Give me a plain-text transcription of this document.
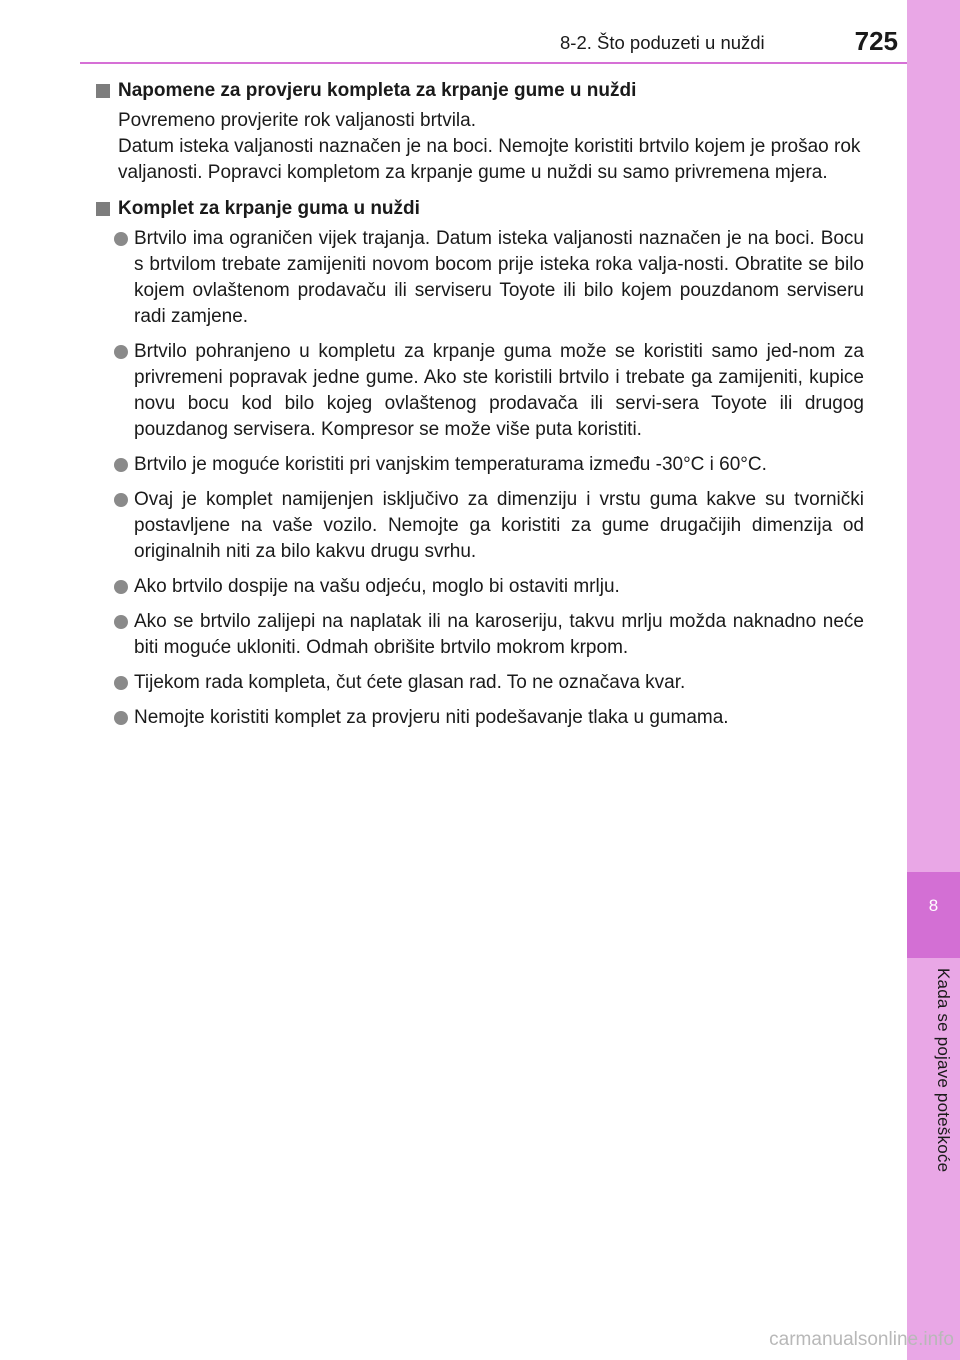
8
Kada se pojave poteškoće
8-2. Što poduzeti u nuždi	725
Napomene za provjeru kompleta za krpanje gume u nuždi

Povremeno provjerite rok valjanosti brtvila.

Datum isteka valjanosti naznačen je na boci. Nemojte koristiti brtvilo kojem je prošao rok valjanosti. Popravci kompletom za krpanje gume u nuždi su samo privremena mjera.

Komplet za krpanje guma u nuždi
Brtvilo ima ograničen vijek trajanja. Datum isteka valjanosti naznačen je na boci. Bocu s brtvilom trebate zamijeniti novom bocom prije isteka roka valja-nosti. Obratite se bilo kojem ovlaštenom prodavaču ili serviseru Toyote ili bilo kojem pouzdanom serviseru radi zamjene.
Brtvilo pohranjeno u kompletu za krpanje guma može se koristiti samo jed-nom za privremeni popravak jedne gume. Ako ste koristili brtvilo i trebate ga zamijeniti, kupice novu bocu kod bilo kojeg ovlaštenog prodavača ili servi-sera Toyote ili drugog pouzdanog servisera. Kompresor se može više puta koristiti.
Brtvilo je moguće koristiti pri vanjskim temperaturama između -30°C i 60°C.
Ovaj je komplet namijenjen isključivo za dimenziju i vrstu guma kakve su tvornički postavljene na vaše vozilo. Nemojte ga koristiti za gume drugačijih dimenzija od originalnih niti za bilo kakvu drugu svrhu.
Ako brtvilo dospije na vašu odjeću, moglo bi ostaviti mrlju.
Ako se brtvilo zalijepi na naplatak ili na karoseriju, takvu mrlju možda naknadno neće biti moguće ukloniti. Odmah obrišite brtvilo mokrom krpom.
Tijekom rada kompleta, čut ćete glasan rad. To ne označava kvar.
Nemojte koristiti komplet za provjeru niti podešavanje tlaka u gumama.
carmanualsonline.info
